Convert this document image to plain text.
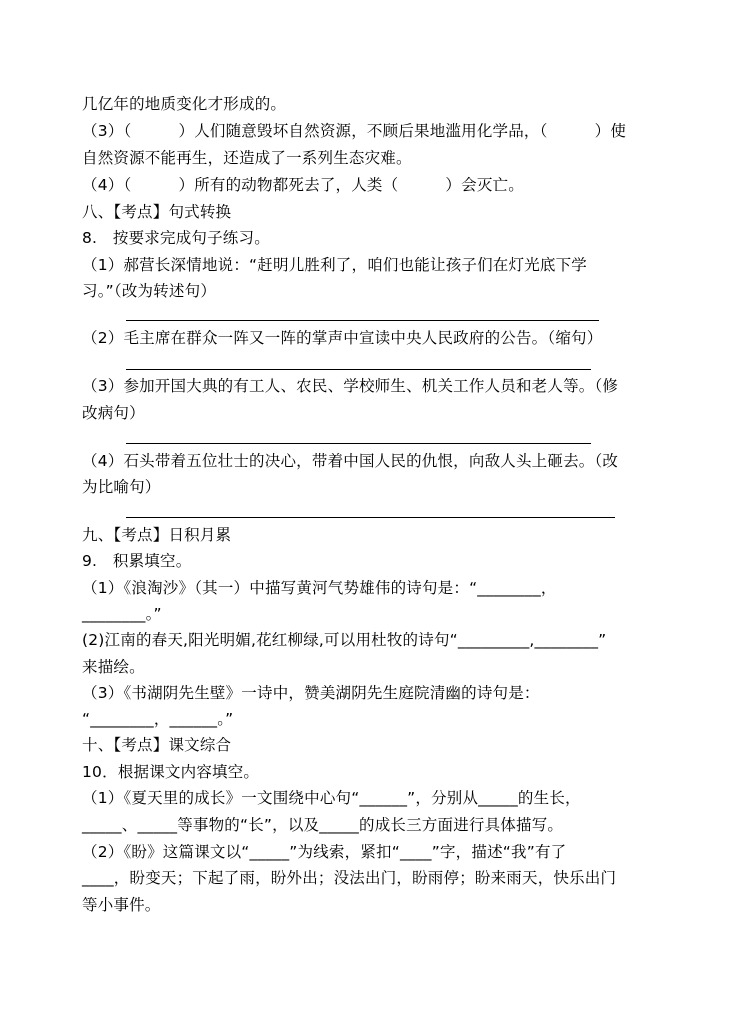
几亿年的地质变化才形成的。
（3）（　　　）人们随意毁坏自然资源，不顾后果地滥用化学品，（　　　）使
自然资源不能再生，还造成了一系列生态灾难。
（4）（　　　）所有的动物都死去了，人类（　　　）会灭亡。
八、【考点】句式转换
8.　按要求完成句子练习。
（1）郝营长深情地说：“赶明儿胜利了，咱们也能让孩子们在灯光底下学
习。”（改为转述句）
（2）毛主席在群众一阵又一阵的掌声中宣读中央人民政府的公告。（缩句）
（3）参加开国大典的有工人、农民、学校师生、机关工作人员和老人等。（修
改病句）
（4）石头带着五位壮士的决心，带着中国人民的仇恨，向敌人头上砸去。（改
为比喻句）
九、【考点】日积月累
9.　积累填空。
（1）《浪淘沙》（其一）中描写黄河气势雄伟的诗句是：“________，
________。”
(2)江南的春天,阳光明媚,花红柳绿,可以用杜牧的诗句“_________,________”
来描绘。
（3）《书湖阴先生壁》一诗中，赞美湖阴先生庭院清幽的诗句是：
“________，______。”
十、【考点】课文综合
10．根据课文内容填空。
（1）《夏天里的成长》一文围绕中心句“______”，分别从_____的生长，
_____、_____等事物的“长”，以及_____的成长三方面进行具体描写。
（2）《盼》这篇课文以“_____”为线索，紧扣“____”字，描述“我”有了
____，盼变天；下起了雨，盼外出；没法出门，盼雨停；盼来雨天，快乐出门
等小事件。
